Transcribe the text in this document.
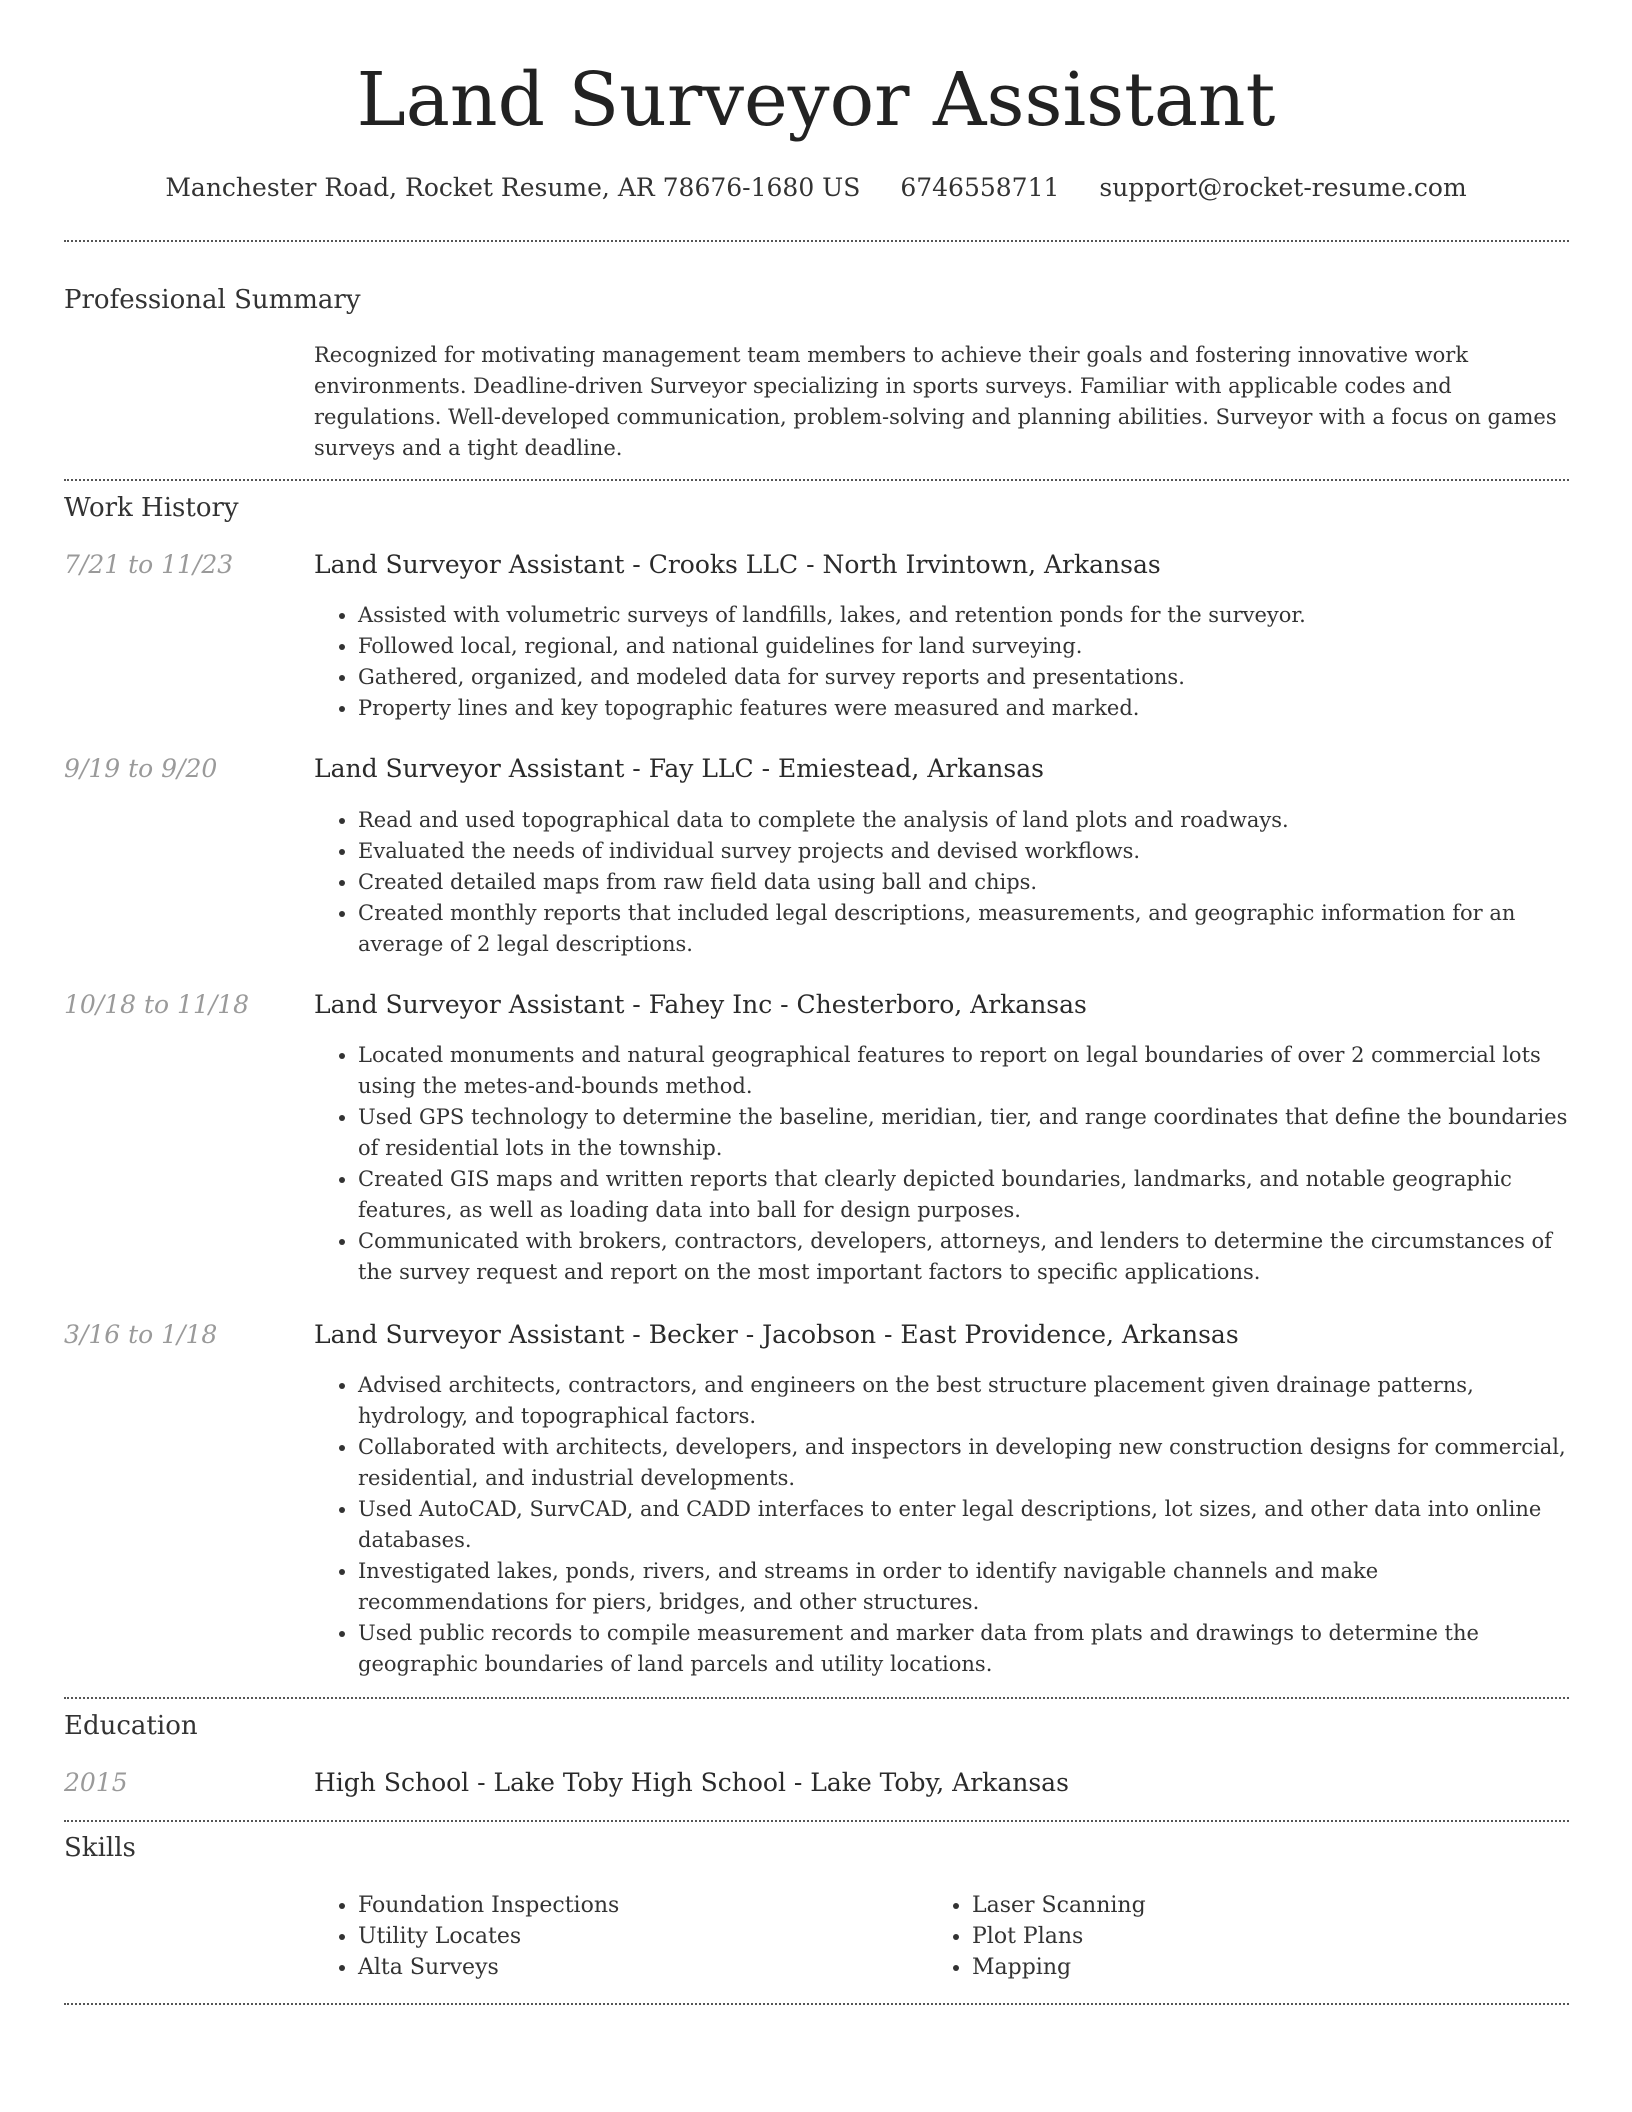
Land Surveyor Assistant
Manchester Road, Rocket Resume, AR 78676-1680 US 6746558711 support@rocket-resume.com
Professional Summary

Recognized for motivating management team members to achieve their goals and fostering innovative work environments. Deadline-driven Surveyor specializing in sports surveys. Familiar with applicable codes and regulations. Well-developed communication, problem-solving and planning abilities. Surveyor with a focus on games surveys and a tight deadline.

Work History
7/21 to 11/23	Land Surveyor Assistant - Crooks LLC - North Irvintown, Arkansas
• Assisted with volumetric surveys of landfills, lakes, and retention ponds for the surveyor.
• Followed local, regional, and national guidelines for land surveying.
• Gathered, organized, and modeled data for survey reports and presentations.
• Property lines and key topographic features were measured and marked.
9/19 to 9/20	Land Surveyor Assistant - Fay LLC - Emiestead, Arkansas
• Read and used topographical data to complete the analysis of land plots and roadways.
• Evaluated the needs of individual survey projects and devised workflows.
• Created detailed maps from raw field data using ball and chips.
• Created monthly reports that included legal descriptions, measurements, and geographic information for an average of 2 legal descriptions.
10/18 to 11/18	Land Surveyor Assistant - Fahey Inc - Chesterboro, Arkansas
• Located monuments and natural geographical features to report on legal boundaries of over 2 commercial lots using the metes-and-bounds method.
• Used GPS technology to determine the baseline, meridian, tier, and range coordinates that define the boundaries of residential lots in the township.
• Created GIS maps and written reports that clearly depicted boundaries, landmarks, and notable geographic features, as well as loading data into ball for design purposes.
• Communicated with brokers, contractors, developers, attorneys, and lenders to determine the circumstances of the survey request and report on the most important factors to specific applications.
3/16 to 1/18	Land Surveyor Assistant - Becker - Jacobson - East Providence, Arkansas
• Advised architects, contractors, and engineers on the best structure placement given drainage patterns, hydrology, and topographical factors.
• Collaborated with architects, developers, and inspectors in developing new construction designs for commercial, residential, and industrial developments.
• Used AutoCAD, SurvCAD, and CADD interfaces to enter legal descriptions, lot sizes, and other data into online databases.
• Investigated lakes, ponds, rivers, and streams in order to identify navigable channels and make recommendations for piers, bridges, and other structures.
• Used public records to compile measurement and marker data from plats and drawings to determine the geographic boundaries of land parcels and utility locations.
Education
2015	High School - Lake Toby High School - Lake Toby, Arkansas
Skills
• Foundation Inspections
• Utility Locates
• Alta Surveys
• Laser Scanning
• Plot Plans
• Mapping
